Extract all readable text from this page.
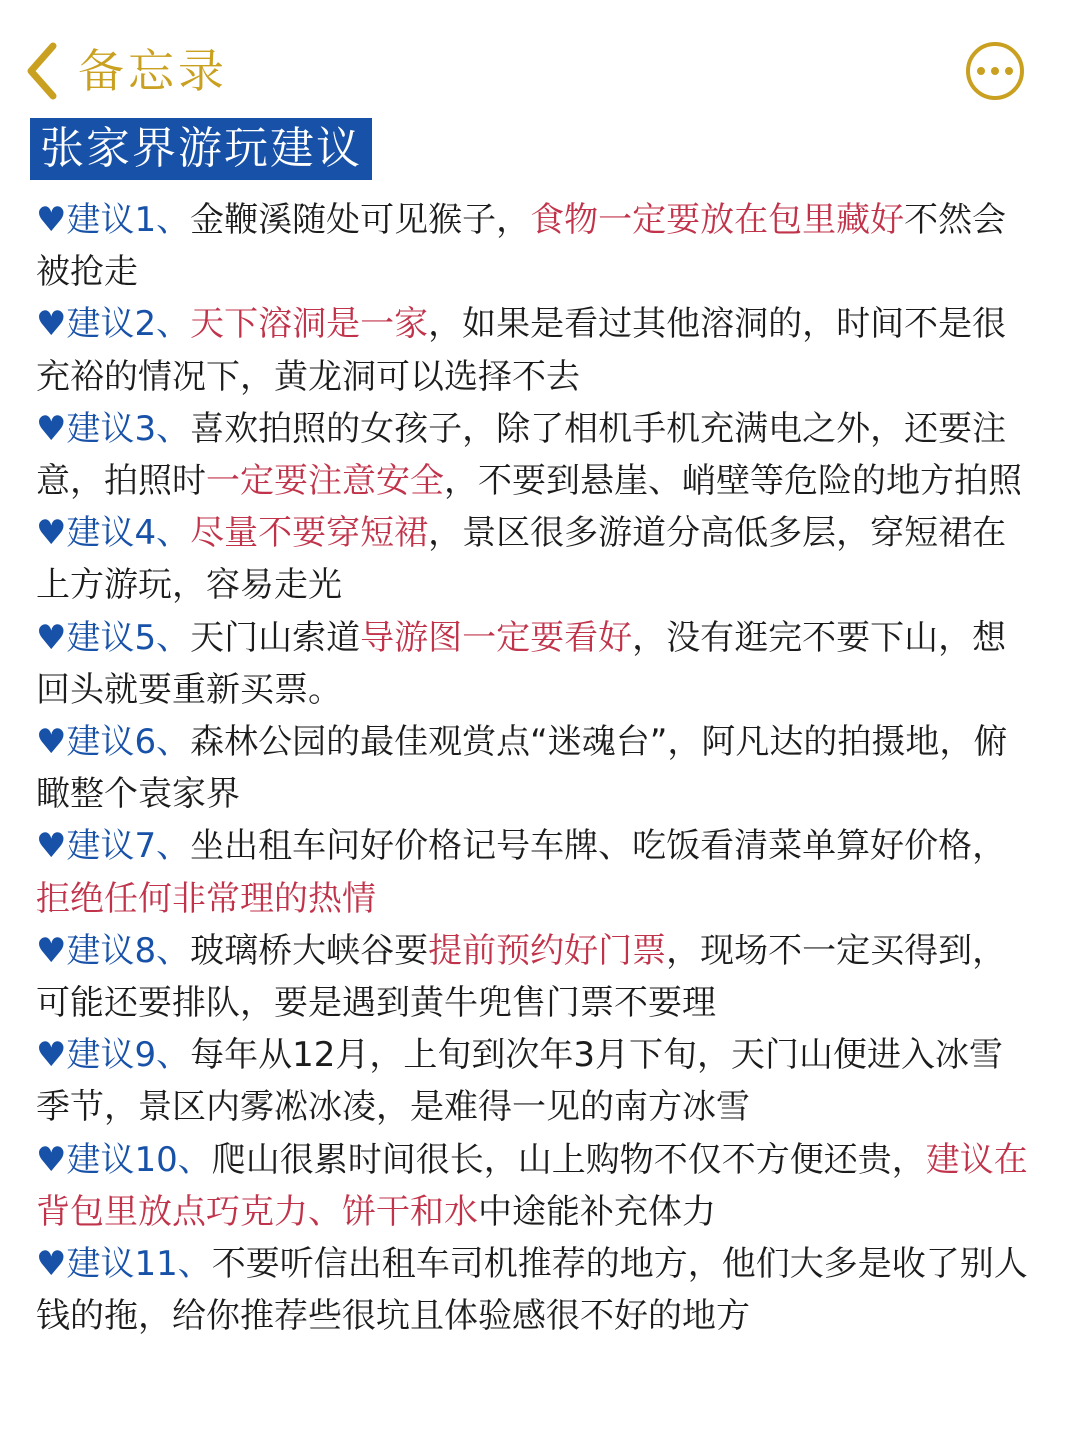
备忘录
张家界游玩建议

♥建议1、金鞭溪随处可见猴子，食物一定要放在包里藏好不然会被抢走

♥建议2、天下溶洞是一家，如果是看过其他溶洞的，时间不是很充裕的情况下，黄龙洞可以选择不去

♥建议3、喜欢拍照的女孩子，除了相机手机充满电之外，还要注意，拍照时一定要注意安全，不要到悬崖、峭壁等危险的地方拍照

♥建议4、尽量不要穿短裙，景区很多游道分高低多层，穿短裙在上方游玩，容易走光

♥建议5、天门山索道导游图一定要看好，没有逛完不要下山，想回头就要重新买票。

♥建议6、森林公园的最佳观赏点“迷魂台”，阿凡达的拍摄地，俯瞰整个袁家界

♥建议7、坐出租车问好价格记号车牌、吃饭看清菜单算好价格，拒绝任何非常理的热情

♥建议8、玻璃桥大峡谷要提前预约好门票，现场不一定买得到，可能还要排队，要是遇到黄牛兜售门票不要理

♥建议9、每年从12月，上旬到次年3月下旬，天门山便进入冰雪季节，景区内雾凇冰凌，是难得一见的南方冰雪

♥建议10、爬山很累时间很长，山上购物不仅不方便还贵，建议在背包里放点巧克力、饼干和水中途能补充体力

♥建议11、不要听信出租车司机推荐的地方，他们大多是收了别人钱的拖，给你推荐些很坑且体验感很不好的地方
